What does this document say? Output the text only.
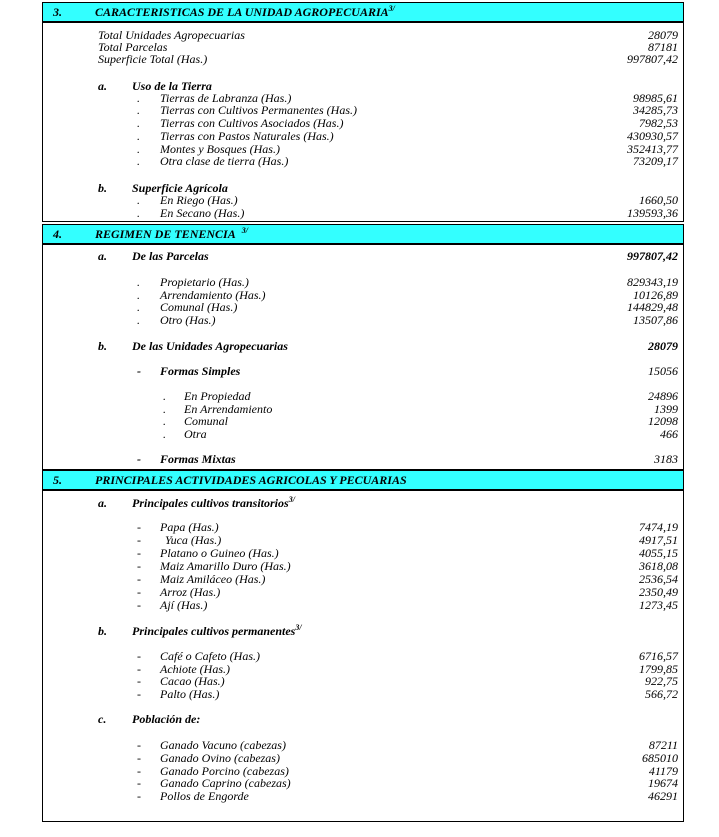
3.	CARACTERISTICAS DE LA UNIDAD $AGROPECUARIA^{3/}$
Total Unidades Agropecuarias	28079
Total Parcelas	87181
Superficie Total (Has.)	997807,42
a. Uso de la Tierra
. Tierras de Labranza (Has.)	98985,61
. Tierras con Cultivos Permanentes (Has.)	34285,73
. Tierras con Cultivos Asociados (Has.)	7982,53
. Tierras con Pastos Naturales (Has.)	430930,57
. Montes y Bosques (Has.)	352413,77
. Otra clase de tierra (Has.)	73209,17
b. Superficie Agrícola
. En Riego (Has.)	1660,50
. En Secano (Has.)	139593,36
4.	REGIMEN DE TENENCIA $^{3/}$
a. De las Parcelas	997807,42
. Propietario (Has.)	829343,19
. Arrendamiento (Has.)	10126,89
. Comunal (Has.)	144829,48
. Otro (Has.)	13507,86
b. De las Unidades Agropecuarias	28079
- Formas Simples	15056
. En Propiedad	24896
. En Arrendamiento	1399
. Comunal	12098
. Otra	466
- Formas Mixtas	3183
5.	PRINCIPALES ACTIVIDADES AGRICOLAS Y PECUARIAS
a. Principales cultivos transitorios$^{3/}$
- Papa (Has.)	7474,19
- Yuca (Has.)	4917,51
- Platano o Guineo (Has.)	4055,15
- Maiz Amarillo Duro (Has.)	3618,08
- Maiz Amiláceo (Has.)	2536,54
- Arroz (Has.)	2350,49
- Ají (Has.)	1273,45
b. Principales cultivos permanentes$^{3/}$
- Café o Cafeto (Has.)	6716,57
- Achiote (Has.)	1799,85
- Cacao (Has.)	922,75
- Palto (Has.)	566,72
c. Población de:
- Ganado Vacuno (cabezas)	87211
- Ganado Ovino (cabezas)	685010
- Ganado Porcino (cabezas)	41179
- Ganado Caprino (cabezas)	19674
- Pollos de Engorde	46291
